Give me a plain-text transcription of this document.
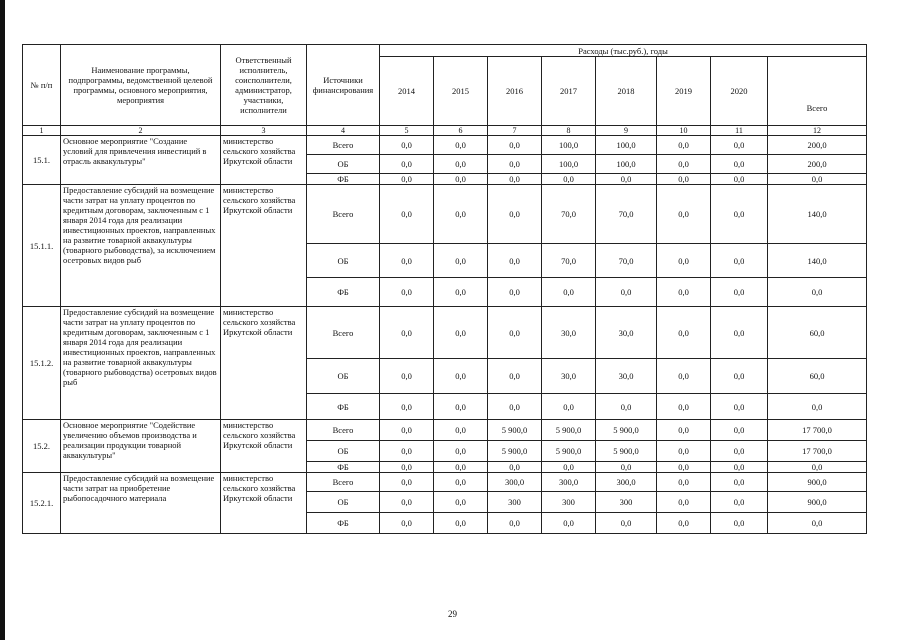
№ п/п	Наименование программы, подпрограммы, ведомственной целевой программы, основного мероприятия, мероприятия	Ответственный исполнитель, соисполнители, администратор, участники, исполнители	Источники финансирования	Расходы (тыс.руб.), годы							
				2014	2015	2016	2017	2018	2019	2020	Всего
1	2	3	4	5	6	7	8	9	10	11	12
15.1.	Основное мероприятие "Создание условий для привлечения инвестиций в отрасль аквакультуры"	министерство сельского хозяйства Иркутской области	Всего	0,0	0,0	0,0	100,0	100,0	0,0	0,0	200,0
			ОБ	0,0	0,0	0,0	100,0	100,0	0,0	0,0	200,0
			ФБ	0,0	0,0	0,0	0,0	0,0	0,0	0,0	0,0
15.1.1.	Предоставление субсидий на возмещение части затрат на уплату процентов по кредитным договорам, заключенным с 1 января 2014 года для реализации инвестиционных проектов, направленных на развитие товарной аквакультуры (товарного рыбоводства), за исключением осетровых видов рыб	министерство сельского хозяйства Иркутской области	Всего	0,0	0,0	0,0	70,0	70,0	0,0	0,0	140,0
			ОБ	0,0	0,0	0,0	70,0	70,0	0,0	0,0	140,0
			ФБ	0,0	0,0	0,0	0,0	0,0	0,0	0,0	0,0
15.1.2.	Предоставление субсидий на возмещение части затрат на уплату процентов по кредитным договорам, заключенным с 1 января 2014 года для реализации инвестиционных проектов, направленных на развитие товарной аквакультуры (товарного рыбоводства) осетровых видов рыб	министерство сельского хозяйства Иркутской области	Всего	0,0	0,0	0,0	30,0	30,0	0,0	0,0	60,0
			ОБ	0,0	0,0	0,0	30,0	30,0	0,0	0,0	60,0
			ФБ	0,0	0,0	0,0	0,0	0,0	0,0	0,0	0,0
15.2.	Основное мероприятие "Содействие увеличению объемов производства и реализации продукции товарной аквакультуры"	министерство сельского хозяйства Иркутской области	Всего	0,0	0,0	5 900,0	5 900,0	5 900,0	0,0	0,0	17 700,0
			ОБ	0,0	0,0	5 900,0	5 900,0	5 900,0	0,0	0,0	17 700,0
			ФБ	0,0	0,0	0,0	0,0	0,0	0,0	0,0	0,0
15.2.1.	Предоставление субсидий на возмещение части затрат на приобретение рыбопосадочного материала	министерство сельского хозяйства Иркутской области	Всего	0,0	0,0	300,0	300,0	300,0	0,0	0,0	900,0
			ОБ	0,0	0,0	300	300	300	0,0	0,0	900,0
			ФБ	0,0	0,0	0,0	0,0	0,0	0,0	0,0	0,0
29
